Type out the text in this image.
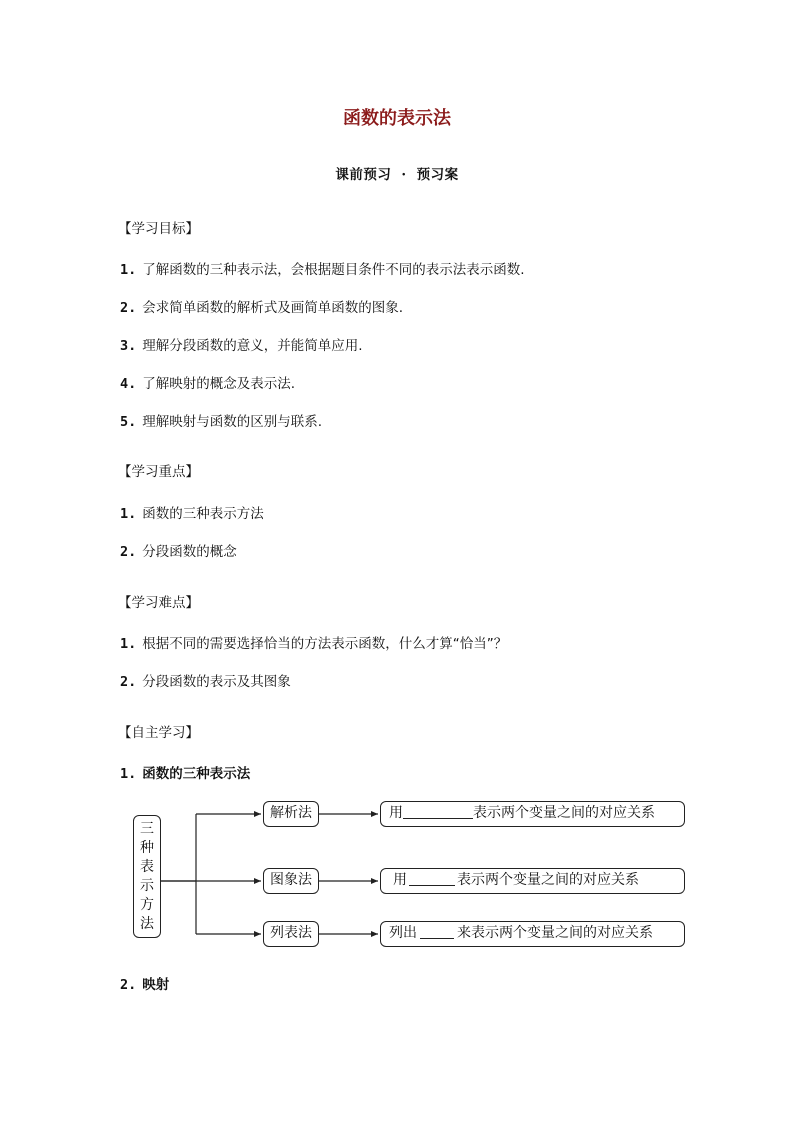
函数的表示法

课前预习 · 预习案

【学习目标】

1. 了解函数的三种表示法，会根据题目条件不同的表示法表示函数.

2. 会求简单函数的解析式及画简单函数的图象.

3. 理解分段函数的意义，并能简单应用.

4. 了解映射的概念及表示法.

5. 理解映射与函数的区别与联系.

【学习重点】

1. 函数的三种表示方法

2. 分段函数的概念

【学习难点】

1. 根据不同的需要选择恰当的方法表示函数，什么才算“恰当”？

2. 分段函数的表示及其图象

【自主学习】

1. 函数的三种表示法

三
种
表
示
方
法
解析法
图象法
列表法
用	表示两个变量之间的对应关系
用	表示两个变量之间的对应关系
列出	来表示两个变量之间的对应关系

2. 映射
